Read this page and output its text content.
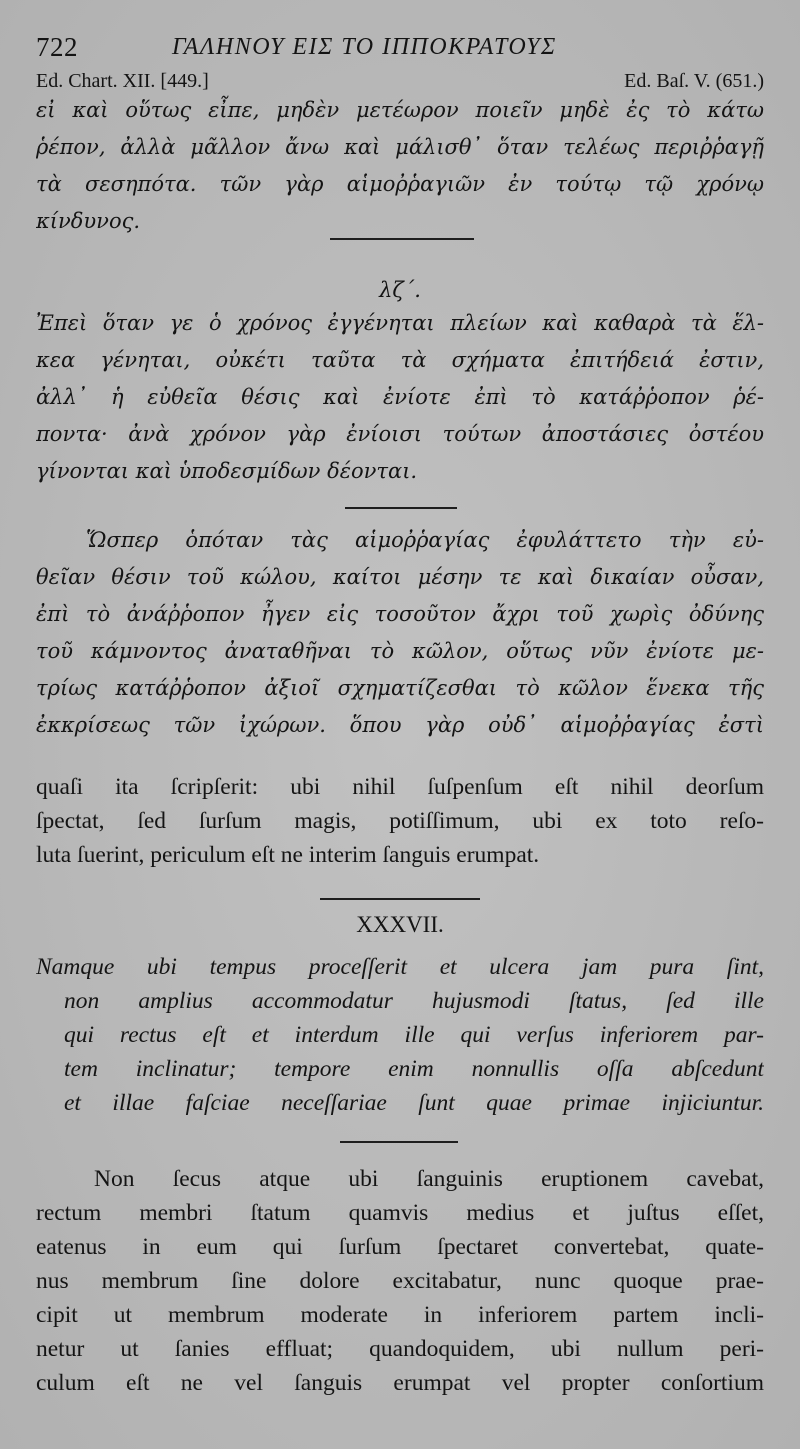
722	ΓΑΛΗΝΟΥ ΕΙΣ ΤΟ ΙΠΠΟΚΡΑΤΟΥΣ
Ed. Chart. XII. [449.]	Ed. Baſ. V. (651.)
εἰ καὶ οὕτως εἶπε, μηδὲν μετέωρον ποιεῖν μηδὲ ἐς τὸ κάτω
ῥέπον, ἀλλὰ μᾶλλον ἄνω καὶ μάλισθ᾽ ὅταν τελέως περιῤῥαγῇ
τὰ σεσηπότα. τῶν γὰρ αἱμοῤῥαγιῶν ἐν τούτῳ τῷ χρόνῳ
κίνδυνος.
λζ΄.
Ἐπεὶ ὅταν γε ὁ χρόνος ἐγγένηται πλείων καὶ καθαρὰ τὰ ἕλ-
κεα γένηται, οὐκέτι ταῦτα τὰ σχήματα ἐπιτήδειά ἐστιν,
ἀλλ᾽ ἡ εὐθεῖα θέσις καὶ ἐνίοτε ἐπὶ τὸ κατάῤῥοπον ῥέ-
ποντα· ἀνὰ χρόνον γὰρ ἐνίοισι τούτων ἀποστάσιες ὀστέου
γίνονται καὶ ὑποδεσμίδων δέονται.
Ὥσπερ ὁπόταν τὰς αἱμοῤῥαγίας ἐφυλάττετο τὴν εὐ-
θεῖαν θέσιν τοῦ κώλου, καίτοι μέσην τε καὶ δικαίαν οὖσαν,
ἐπὶ τὸ ἀνάῤῥοπον ἦγεν εἰς τοσοῦτον ἄχρι τοῦ χωρὶς ὀδύνης
τοῦ κάμνοντος ἀναταθῆναι τὸ κῶλον, οὕτως νῦν ἐνίοτε με-
τρίως κατάῤῥοπον ἀξιοῖ σχηματίζεσθαι τὸ κῶλον ἕνεκα τῆς
ἐκκρίσεως τῶν ἰχώρων. ὅπου γὰρ οὐδ᾽ αἱμοῤῥαγίας ἐστὶ
quaſi ita ſcripſerit: ubi nihil ſuſpenſum eſt nihil deorſum
ſpectat, ſed ſurſum magis, potiſſimum, ubi ex toto reſo-
luta ſuerint, periculum eſt ne interim ſanguis erumpat.
XXXVII.
Namque ubi tempus proceſſerit et ulcera jam pura ſint,
non amplius accommodatur hujusmodi ſtatus, ſed ille
qui rectus eſt et interdum ille qui verſus inferiorem par-
tem inclinatur; tempore enim nonnullis oſſa abſcedunt
et illae faſciae neceſſariae ſunt quae primae injiciuntur.
Non ſecus atque ubi ſanguinis eruptionem cavebat,
rectum membri ſtatum quamvis medius et juſtus eſſet,
eatenus in eum qui ſurſum ſpectaret convertebat, quate-
nus membrum ſine dolore excitabatur, nunc quoque prae-
cipit ut membrum moderate in inferiorem partem incli-
netur ut ſanies effluat; quandoquidem, ubi nullum peri-
culum eſt ne vel ſanguis erumpat vel propter conſortium
